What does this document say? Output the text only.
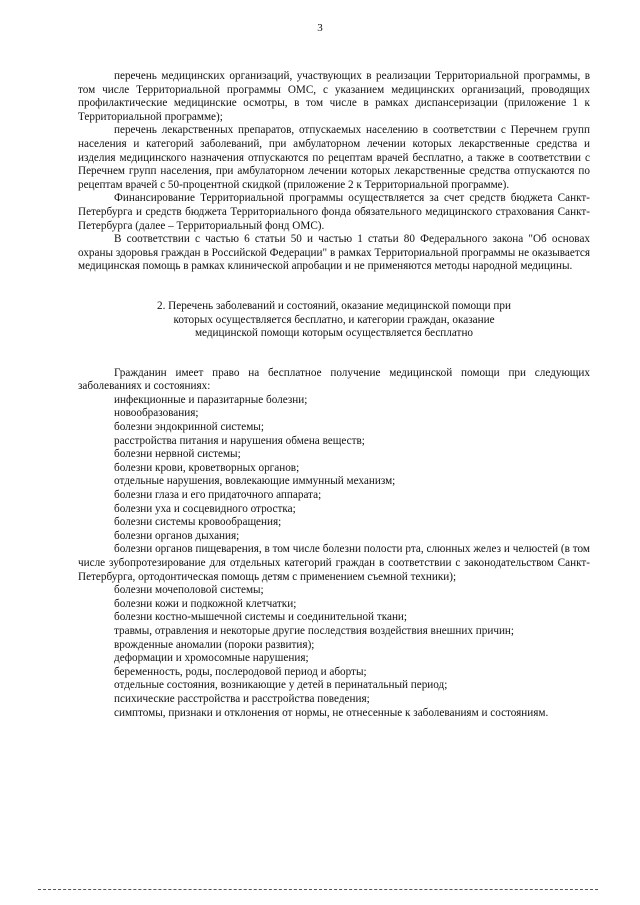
3

перечень медицинских организаций, участвующих в реализации Территориальной программы, в том числе Территориальной программы ОМС, с указанием медицинских организаций, проводящих профилактические медицинские осмотры, в том числе в рамках диспансеризации (приложение 1 к Территориальной программе);

перечень лекарственных препаратов, отпускаемых населению в соответствии с Перечнем групп населения и категорий заболеваний, при амбулаторном лечении которых лекарственные средства и изделия медицинского назначения отпускаются по рецептам врачей бесплатно, а также в соответствии с Перечнем групп населения, при амбулаторном лечении которых лекарственные средства отпускаются по рецептам врачей с 50-процентной скидкой (приложение 2 к Территориальной программе).

Финансирование Территориальной программы осуществляется за счет средств бюджета Санкт-Петербурга и средств бюджета Территориального фонда обязательного медицинского страхования Санкт-Петербурга (далее – Территориальный фонд ОМС).

В соответствии с частью 6 статьи 50 и частью 1 статьи 80 Федерального закона "Об основах охраны здоровья граждан в Российской Федерации" в рамках Территориальной программы не оказывается медицинская помощь в рамках клинической апробации и не применяются методы народной медицины.

2. Перечень заболеваний и состояний, оказание медицинской помощи при которых осуществляется бесплатно, и категории граждан, оказание медицинской помощи которым осуществляется бесплатно

Гражданин имеет право на бесплатное получение медицинской помощи при следующих заболеваниях и состояниях:

инфекционные и паразитарные болезни;
новообразования;
болезни эндокринной системы;
расстройства питания и нарушения обмена веществ;
болезни нервной системы;
болезни крови, кроветворных органов;
отдельные нарушения, вовлекающие иммунный механизм;
болезни глаза и его придаточного аппарата;
болезни уха и сосцевидного отростка;
болезни системы кровообращения;
болезни органов дыхания;
болезни органов пищеварения, в том числе болезни полости рта, слюнных желез и челюстей (в том числе зубопротезирование для отдельных категорий граждан в соответствии с законодательством Санкт-Петербурга, ортодонтическая помощь детям с применением съемной техники);
болезни мочеполовой системы;
болезни кожи и подкожной клетчатки;
болезни костно-мышечной системы и соединительной ткани;
травмы, отравления и некоторые другие последствия воздействия внешних причин;
врожденные аномалии (пороки развития);
деформации и хромосомные нарушения;
беременность, роды, послеродовой период и аборты;
отдельные состояния, возникающие у детей в перинатальный период;
психические расстройства и расстройства поведения;
симптомы, признаки и отклонения от нормы, не отнесенные к заболеваниям и состояниям.
